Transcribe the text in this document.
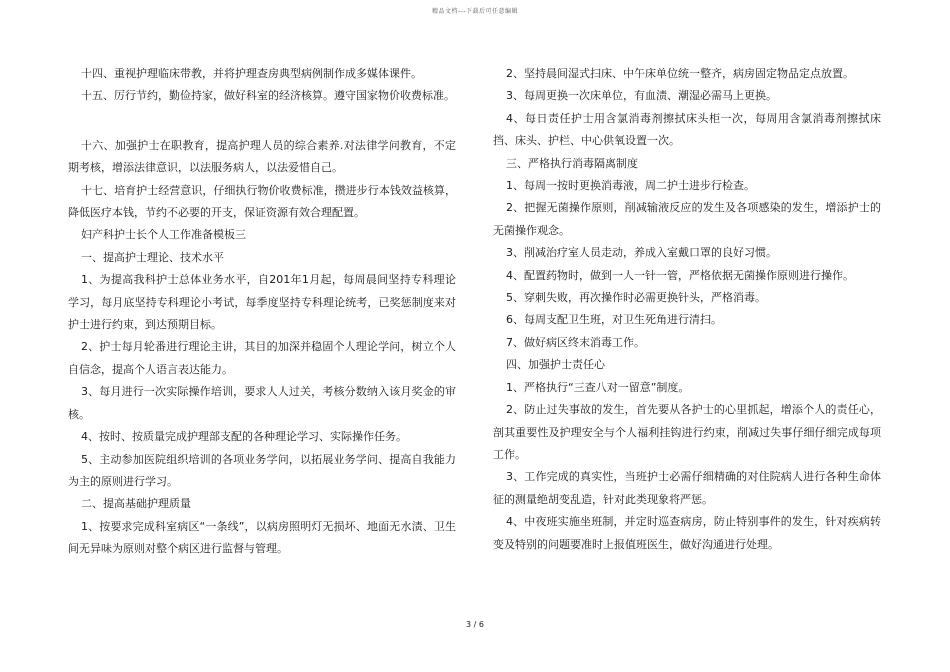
精品文档---下载后可任意编辑

十四、重视护理临床带教，并将护理查房典型病例制作成多媒体课件。

十五、厉行节约，勤俭持家，做好科室的经济核算。遵守国家物价收费标准。

十六、加强护士在职教育，提高护理人员的综合素养.对法律学问教育，不定期考核，增添法律意识，以法服务病人，以法爱惜自己。

十七、培育护士经营意识，仔细执行物价收费标准，攒进步行本钱效益核算，降低医疗本钱，节约不必要的开支，保证资源有效合理配置。

妇产科护士长个人工作准备模板三

一、提高护士理论、技术水平

1、为提高我科护士总体业务水平，自201年1月起，每周晨间坚持专科理论学习，每月底坚持专科理论小考试，每季度坚持专科理论统考，已奖惩制度来对护士进行约束，到达预期目标。

2、护士每月轮番进行理论主讲，其目的加深并稳固个人理论学问，树立个人自信念，提高个人语言表达能力。

3、每月进行一次实际操作培训，要求人人过关，考核分数纳入该月奖金的审核。

4、按时、按质量完成护理部支配的各种理论学习、实际操作任务。

5、主动参加医院组织培训的各项业务学问，以拓展业务学问、提高自我能力为主的原则进行学习。

二、提高基础护理质量

1、按要求完成科室病区“一条线”，以病房照明灯无损坏、地面无水渍、卫生间无异味为原则对整个病区进行监督与管理。

2、坚持晨间湿式扫床、中午床单位统一整齐，病房固定物品定点放置。

3、每周更换一次床单位，有血渍、潮湿必需马上更换。

4、每日责任护士用含氯消毒剂擦拭床头柜一次，每周用含氯消毒剂擦拭床挡、床头、护栏、中心供氧设置一次。

三、严格执行消毒隔离制度

1、每周一按时更换消毒液，周二护士进步行检查。

2、把握无菌操作原则，削减输液反应的发生及各项感染的发生，增添护士的无菌操作观念。

3、削减治疗室人员走动，养成入室戴口罩的良好习惯。

4、配置药物时，做到一人一针一管，严格依据无菌操作原则进行操作。

5、穿刺失败，再次操作时必需更换针头，严格消毒。

6、每周支配卫生班，对卫生死角进行清扫。

7、做好病区终末消毒工作。

四、加强护士责任心

1、严格执行“三查八对一留意”制度。

2、防止过失事故的发生，首先要从各护士的心里抓起，增添个人的责任心，剖其重要性及护理安全与个人福利挂钩进行约束，削减过失事仔细仔细完成每项工作。

3、工作完成的真实性，当班护士必需仔细精确的对住院病人进行各种生命体征的测量绝胡变乱造，针对此类现象将严惩。

4、中夜班实施坐班制，并定时巡查病房，防止特别事件的发生，针对疾病转变及特别的问题要准时上报值班医生，做好沟通进行处理。

3 / 6
